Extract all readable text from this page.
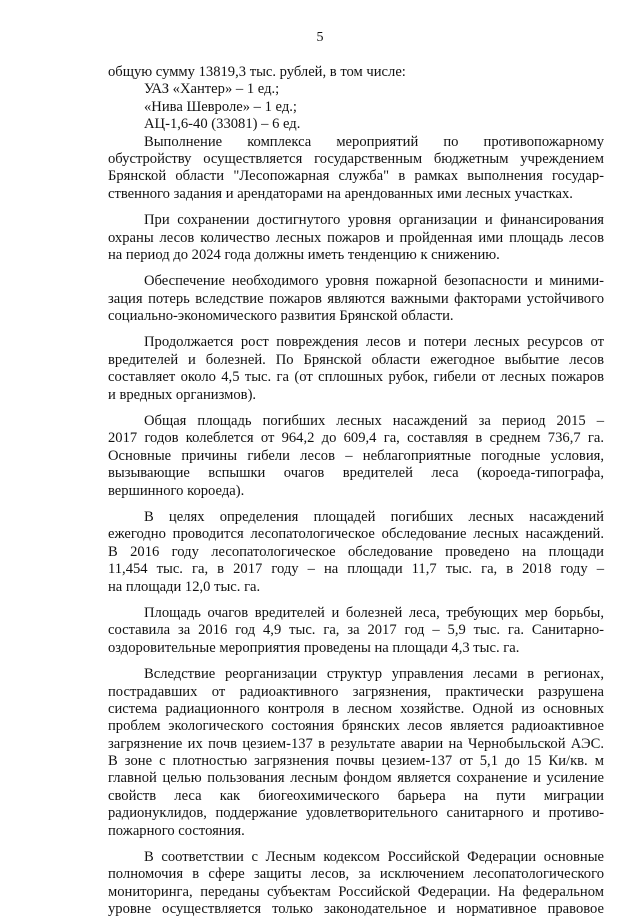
5
общую сумму 13819,3 тыс. рублей, в том числе:
УАЗ «Хантер» – 1 ед.;
«Нива Шевроле» – 1 ед.;
АЦ-1,6-40 (33081) – 6 ед.
Выполнение комплекса мероприятий по противопожарному
обустройству осуществляется государственным бюджетным учреждением
Брянской области "Лесопожарная служба" в рамках выполнения государ-
ственного задания и арендаторами на арендованных ими лесных участках.
При сохранении достигнутого уровня организации и финансирования
охраны лесов количество лесных пожаров и пройденная ими площадь лесов
на период до 2024 года должны иметь тенденцию к снижению.
Обеспечение необходимого уровня пожарной безопасности и миними-
зация потерь вследствие пожаров являются важными факторами устойчивого
социально-экономического развития Брянской области.
Продолжается рост повреждения лесов и потери лесных ресурсов от
вредителей и болезней. По Брянской области ежегодное выбытие лесов
составляет около 4,5 тыс. га (от сплошных рубок, гибели от лесных пожаров
и вредных организмов).
Общая площадь погибших лесных насаждений за период 2015 –
2017 годов колеблется от 964,2 до 609,4 га, составляя в среднем 736,7 га.
Основные причины гибели лесов – неблагоприятные погодные условия,
вызывающие вспышки очагов вредителей леса (короеда-типографа,
вершинного короеда).
В целях определения площадей погибших лесных насаждений
ежегодно проводится лесопатологическое обследование лесных насаждений.
В 2016 году лесопатологическое обследование проведено на площади
11,454 тыс. га, в 2017 году – на площади 11,7 тыс. га, в 2018 году –
на площади 12,0 тыс. га.
Площадь очагов вредителей и болезней леса, требующих мер борьбы,
составила за 2016 год 4,9 тыс. га, за 2017 год – 5,9 тыс. га. Санитарно-
оздоровительные мероприятия проведены на площади 4,3 тыс. га.
Вследствие реорганизации структур управления лесами в регионах,
пострадавших от радиоактивного загрязнения, практически разрушена
система радиационного контроля в лесном хозяйстве. Одной из основных
проблем экологического состояния брянских лесов является радиоактивное
загрязнение их почв цезием-137 в результате аварии на Чернобыльской АЭС.
В зоне с плотностью загрязнения почвы цезием-137 от 5,1 до 15 Ки/кв. м
главной целью пользования лесным фондом является сохранение и усиление
свойств леса как биогеохимического барьера на пути миграции
радионуклидов, поддержание удовлетворительного санитарного и противо-
пожарного состояния.
В соответствии с Лесным кодексом Российской Федерации основные
полномочия в сфере защиты лесов, за исключением лесопатологического
мониторинга, переданы субъектам Российской Федерации. На федеральном
уровне осуществляется только законодательное и нормативное правовое
